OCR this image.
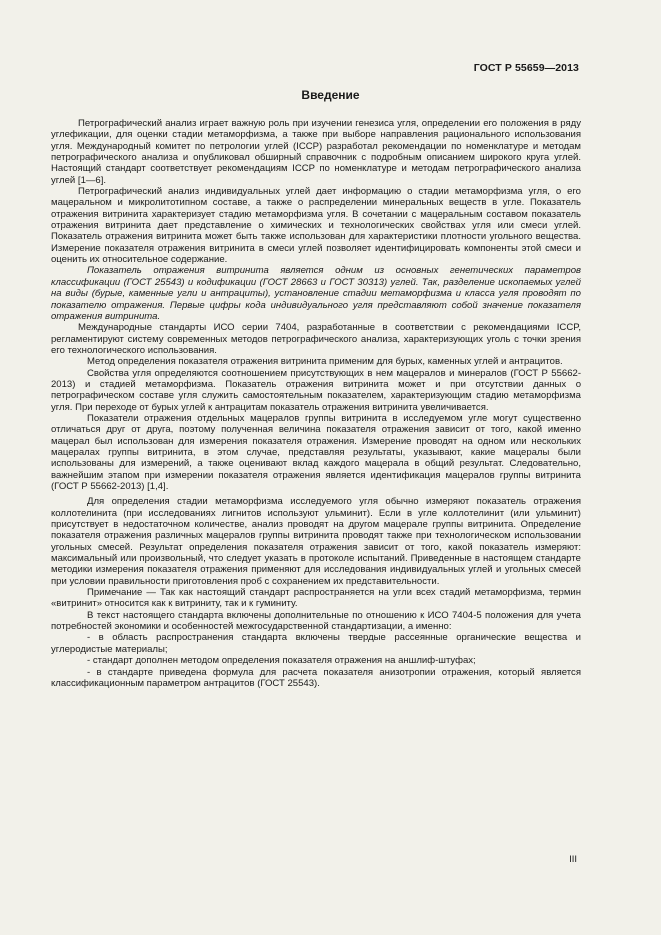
ГОСТ Р 55659—2013
Введение

Петрографический анализ играет важную роль при изучении генезиса угля, определении его положения в ряду углефикации, для оценки стадии метаморфизма, а также при выборе направления рационального использования угля. Международный комитет по петрологии углей (ICCP) разработал рекомендации по номенклатуре и методам петрографического анализа и опубликовал обширный справочник с подробным описанием широкого круга углей. Настоящий стандарт соответствует рекомендациям ICCP по номенклатуре и методам петрографического анализа углей [1—6].

Петрографический анализ индивидуальных углей дает информацию о стадии метаморфизма угля, о его мацеральном и микролитотипном составе, а также о распределении минеральных веществ в угле. Показатель отражения витринита характеризует стадию метаморфизма угля. В сочетании с мацеральным составом показатель отражения витринита дает представление о химических и технологических свойствах угля или смеси углей. Показатель отражения витринита может быть также использован для характеристики плотности угольного вещества. Измерение показателя отражения витринита в смеси углей позволяет идентифицировать компоненты этой смеси и оценить их относительное содержание.

Показатель отражения витринита является одним из основных генетических параметров классификации (ГОСТ 25543) и кодификации (ГОСТ 28663 и ГОСТ 30313) углей. Так, разделение ископаемых углей на виды (бурые, каменные угли и антрациты), установление стадии метаморфизма и класса угля проводят по показателю отражения. Первые цифры кода индивидуального угля представляют собой значение показателя отражения витринита.

Международные стандарты ИСО серии 7404, разработанные в соответствии с рекомендациями ICCP, регламентируют систему современных методов петрографического анализа, характеризующих уголь с точки зрения его технологического использования.

Метод определения показателя отражения витринита применим для бурых, каменных углей и антрацитов.

Свойства угля определяются соотношением присутствующих в нем мацералов и минералов (ГОСТ Р 55662-2013) и стадией метаморфизма. Показатель отражения витринита может и при отсутствии данных о петрографическом составе угля служить самостоятельным показателем, характеризующим стадию метаморфизма угля. При переходе от бурых углей к антрацитам показатель отражения витринита увеличивается.

Показатели отражения отдельных мацералов группы витринита в исследуемом угле могут существенно отличаться друг от друга, поэтому полученная величина показателя отражения зависит от того, какой именно мацерал был использован для измерения показателя отражения. Измерение проводят на одном или нескольких мацералах группы витринита, в этом случае, представляя результаты, указывают, какие мацералы были использованы для измерений, а также оценивают вклад каждого мацерала в общий результат. Следовательно, важнейшим этапом при измерении показателя отражения является идентификация мацералов группы витринита (ГОСТ Р 55662-2013) [1,4].

Для определения стадии метаморфизма исследуемого угля обычно измеряют показатель отражения коллотелинита (при исследованиях лигнитов используют ульминит). Если в угле коллотелинит (или ульминит) присутствует в недостаточном количестве, анализ проводят на другом мацерале группы витринита. Определение показателя отражения различных мацералов группы витринита проводят также при технологическом использовании угольных смесей. Результат определения показателя отражения зависит от того, какой показатель измеряют: максимальный или произвольный, что следует указать в протоколе испытаний. Приведенные в настоящем стандарте методики измерения показателя отражения применяют для исследования индивидуальных углей и угольных смесей при условии правильности приготовления проб с сохранением их представительности.

Примечание — Так как настоящий стандарт распространяется на угли всех стадий метаморфизма, термин «витринит» относится как к витриниту, так и к гуминиту.

В текст настоящего стандарта включены дополнительные по отношению к ИСО 7404-5 положения для учета потребностей экономики и особенностей межгосударственной стандартизации, а именно:

- в область распространения стандарта включены твердые рассеянные органические вещества и углеродистые материалы;

- стандарт дополнен методом определения показателя отражения на аншлиф-штуфах;

- в стандарте приведена формула для расчета показателя анизотропии отражения, который является классификационным параметром антрацитов (ГОСТ 25543).

III
